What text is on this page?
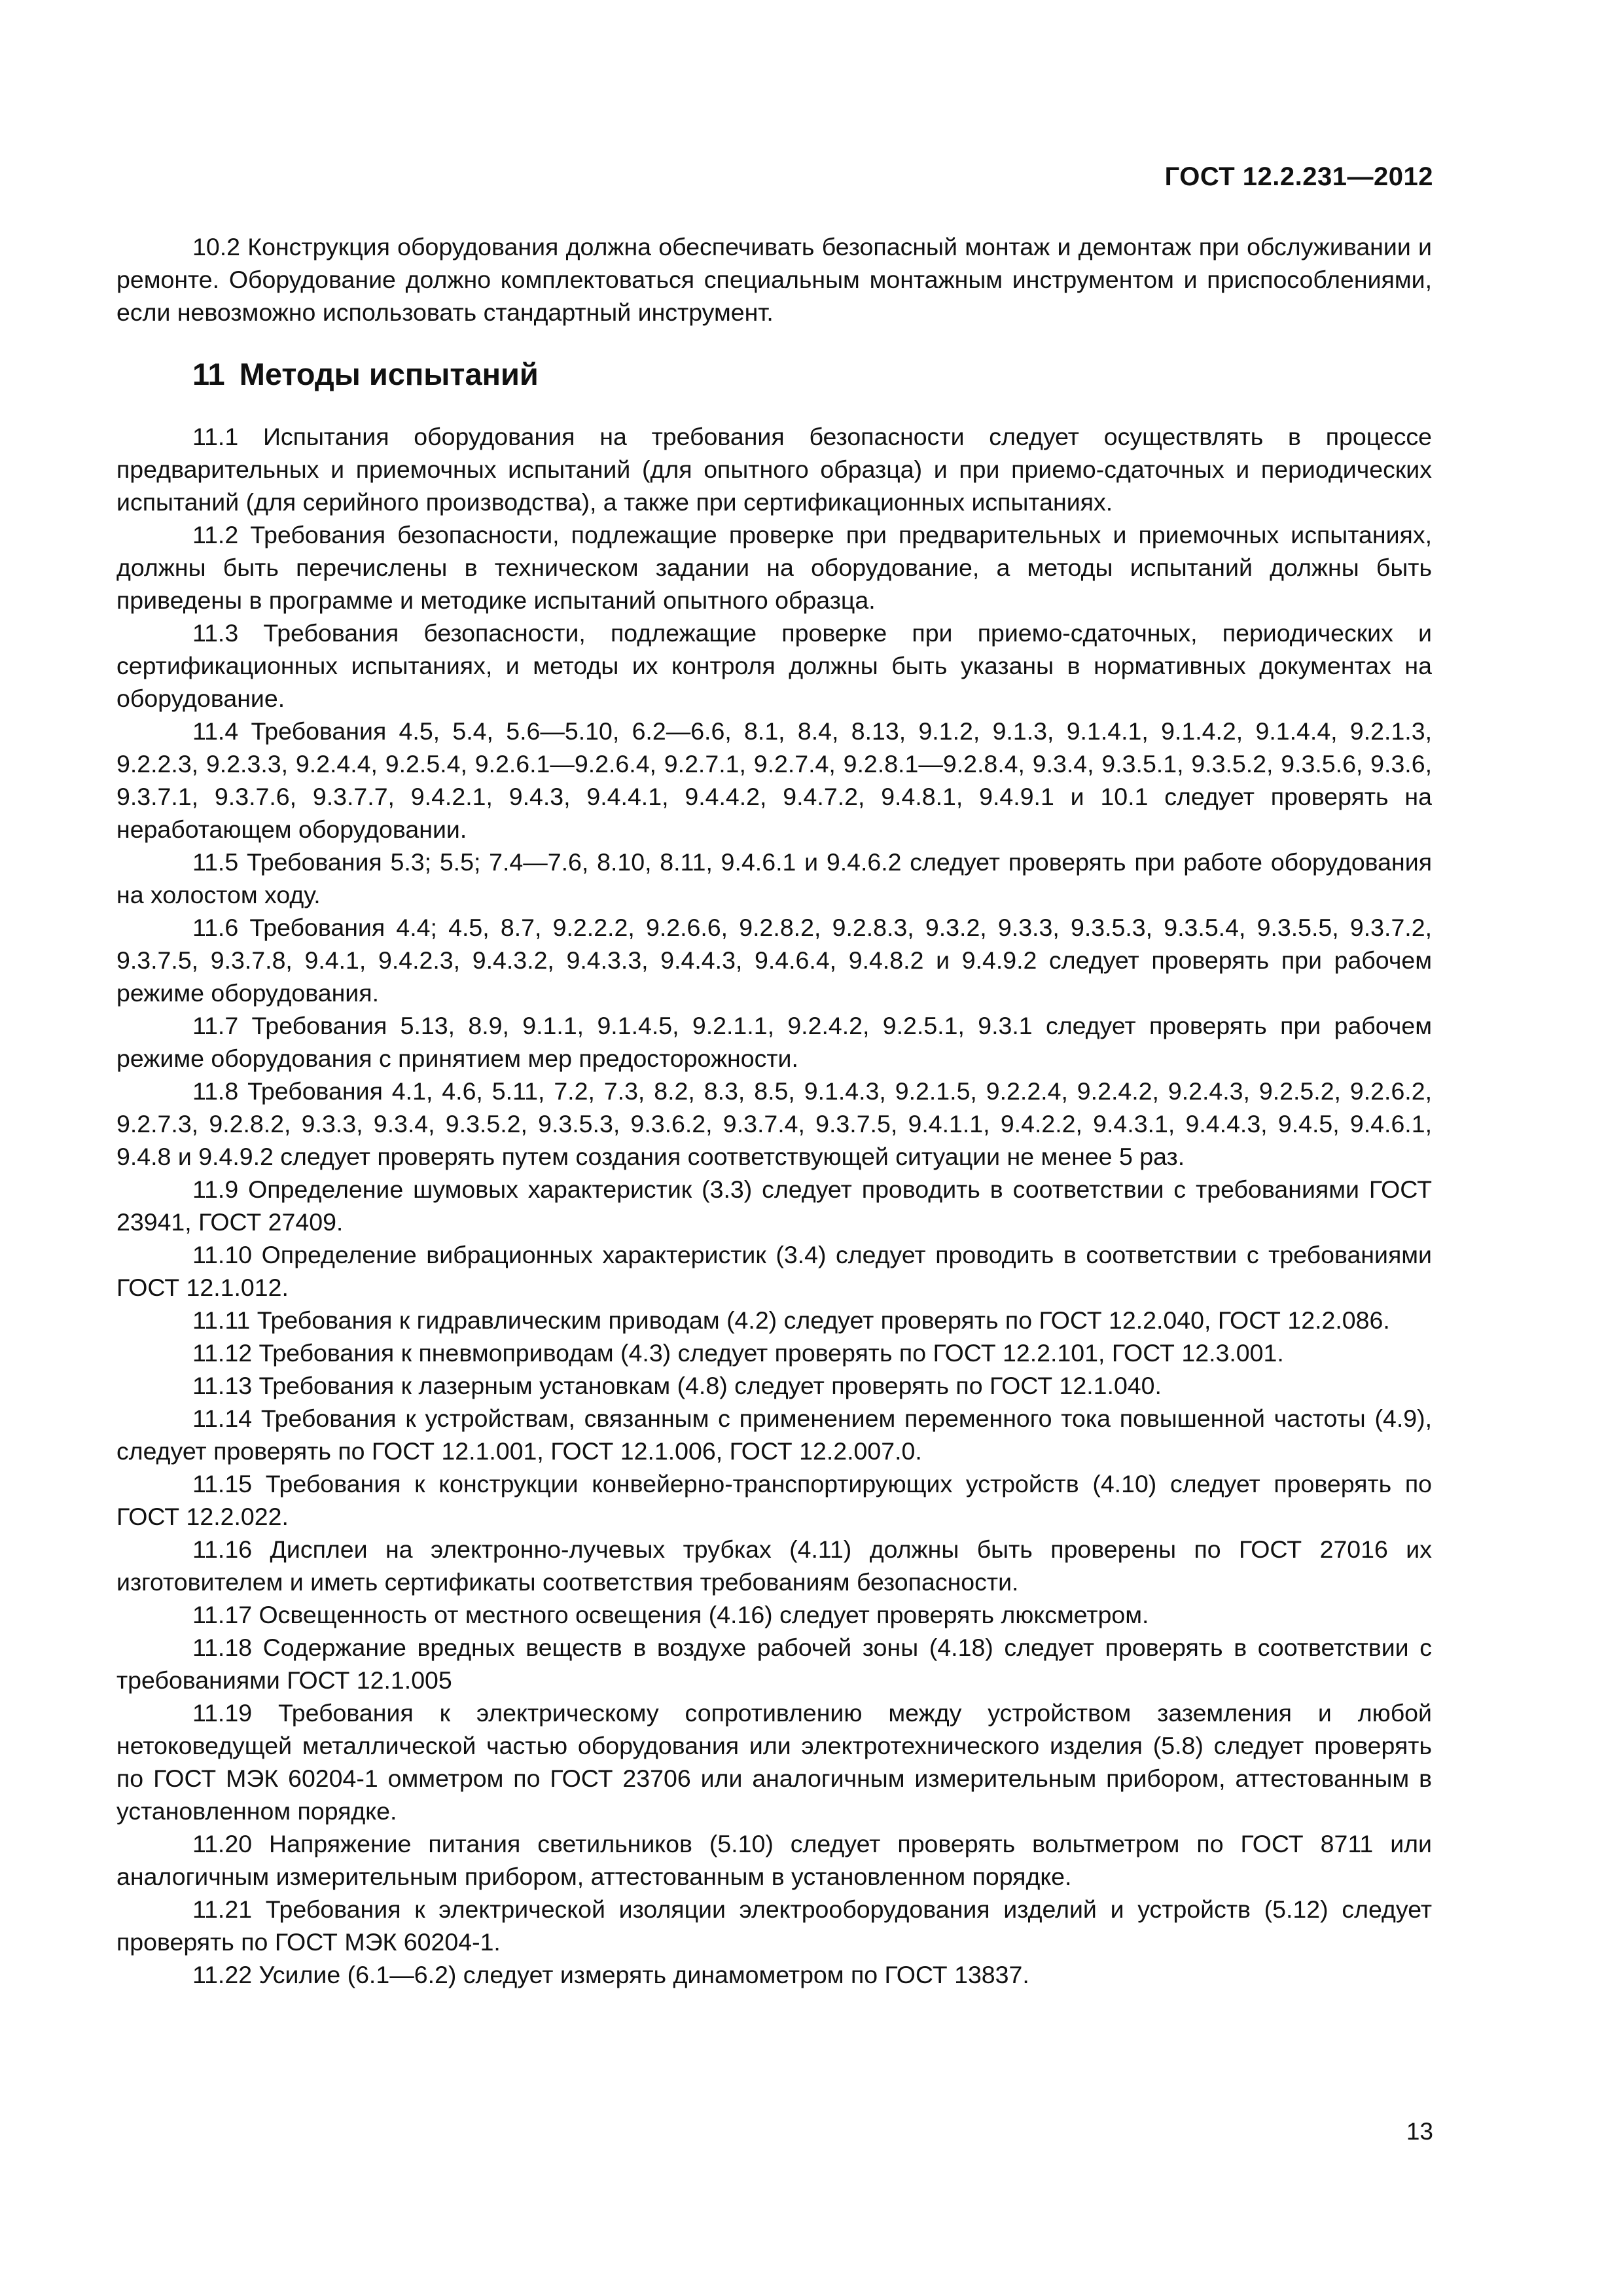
ГОСТ 12.2.231—2012

10.2 Конструкция оборудования должна обеспечивать безопасный монтаж и демонтаж при обслуживании и ремонте. Оборудование должно комплектоваться специальным монтажным инструментом и приспособлениями, если невозможно использовать стандартный инструмент.

11 Методы испытаний

11.1 Испытания оборудования на требования безопасности следует осуществлять в процессе предварительных и приемочных испытаний (для опытного образца) и при приемо-сдаточных и периодических испытаний (для серийного производства), а также при сертификационных испытаниях.

11.2 Требования безопасности, подлежащие проверке при предварительных и приемочных испытаниях, должны быть перечислены в техническом задании на оборудование, а методы испытаний должны быть приведены в программе и методике испытаний опытного образца.

11.3 Требования безопасности, подлежащие проверке при приемо-сдаточных, периодических и сертификационных испытаниях, и методы их контроля должны быть указаны в нормативных документах на оборудование.

11.4 Требования 4.5, 5.4, 5.6—5.10, 6.2—6.6, 8.1, 8.4, 8.13, 9.1.2, 9.1.3, 9.1.4.1, 9.1.4.2, 9.1.4.4, 9.2.1.3, 9.2.2.3, 9.2.3.3, 9.2.4.4, 9.2.5.4, 9.2.6.1—9.2.6.4, 9.2.7.1, 9.2.7.4, 9.2.8.1—9.2.8.4, 9.3.4, 9.3.5.1, 9.3.5.2, 9.3.5.6, 9.3.6, 9.3.7.1, 9.3.7.6, 9.3.7.7, 9.4.2.1, 9.4.3, 9.4.4.1, 9.4.4.2, 9.4.7.2, 9.4.8.1, 9.4.9.1 и 10.1 следует проверять на неработающем оборудовании.

11.5 Требования 5.3; 5.5; 7.4—7.6, 8.10, 8.11, 9.4.6.1 и 9.4.6.2 следует проверять при работе оборудования на холостом ходу.

11.6 Требования 4.4; 4.5, 8.7, 9.2.2.2, 9.2.6.6, 9.2.8.2, 9.2.8.3, 9.3.2, 9.3.3, 9.3.5.3, 9.3.5.4, 9.3.5.5, 9.3.7.2, 9.3.7.5, 9.3.7.8, 9.4.1, 9.4.2.3, 9.4.3.2, 9.4.3.3, 9.4.4.3, 9.4.6.4, 9.4.8.2 и 9.4.9.2 следует проверять при рабочем режиме оборудования.

11.7 Требования 5.13, 8.9, 9.1.1, 9.1.4.5, 9.2.1.1, 9.2.4.2, 9.2.5.1, 9.3.1 следует проверять при рабочем режиме оборудования с принятием мер предосторожности.

11.8 Требования 4.1, 4.6, 5.11, 7.2, 7.3, 8.2, 8.3, 8.5, 9.1.4.3, 9.2.1.5, 9.2.2.4, 9.2.4.2, 9.2.4.3, 9.2.5.2, 9.2.6.2, 9.2.7.3, 9.2.8.2, 9.3.3, 9.3.4, 9.3.5.2, 9.3.5.3, 9.3.6.2, 9.3.7.4, 9.3.7.5, 9.4.1.1, 9.4.2.2, 9.4.3.1, 9.4.4.3, 9.4.5, 9.4.6.1, 9.4.8 и 9.4.9.2 следует проверять путем создания соответствующей ситуации не менее 5 раз.

11.9 Определение шумовых характеристик (3.3) следует проводить в соответствии с требованиями ГОСТ 23941, ГОСТ 27409.

11.10 Определение вибрационных характеристик (3.4) следует проводить в соответствии с требованиями ГОСТ 12.1.012.

11.11 Требования к гидравлическим приводам (4.2) следует проверять по ГОСТ 12.2.040, ГОСТ 12.2.086.

11.12 Требования к пневмоприводам (4.3) следует проверять по ГОСТ 12.2.101, ГОСТ 12.3.001.

11.13 Требования к лазерным установкам (4.8) следует проверять по ГОСТ 12.1.040.

11.14 Требования к устройствам, связанным с применением переменного тока повышенной частоты (4.9), следует проверять по ГОСТ 12.1.001, ГОСТ 12.1.006, ГОСТ 12.2.007.0.

11.15 Требования к конструкции конвейерно-транспортирующих устройств (4.10) следует проверять по ГОСТ 12.2.022.

11.16 Дисплеи на электронно-лучевых трубках (4.11) должны быть проверены по ГОСТ 27016 их изготовителем и иметь сертификаты соответствия требованиям безопасности.

11.17 Освещенность от местного освещения (4.16) следует проверять люксметром.

11.18 Содержание вредных веществ в воздухе рабочей зоны (4.18) следует проверять в соответствии с требованиями ГОСТ 12.1.005

11.19 Требования к электрическому сопротивлению между устройством заземления и любой нетоковедущей металлической частью оборудования или электротехнического изделия (5.8) следует проверять по ГОСТ МЭК 60204-1 омметром по ГОСТ 23706 или аналогичным измерительным прибором, аттестованным в установленном порядке.

11.20 Напряжение питания светильников (5.10) следует проверять вольтметром по ГОСТ 8711 или аналогичным измерительным прибором, аттестованным в установленном порядке.

11.21 Требования к электрической изоляции электрооборудования изделий и устройств (5.12) следует проверять по ГОСТ МЭК 60204-1.

11.22 Усилие (6.1—6.2) следует измерять динамометром по ГОСТ 13837.

13
